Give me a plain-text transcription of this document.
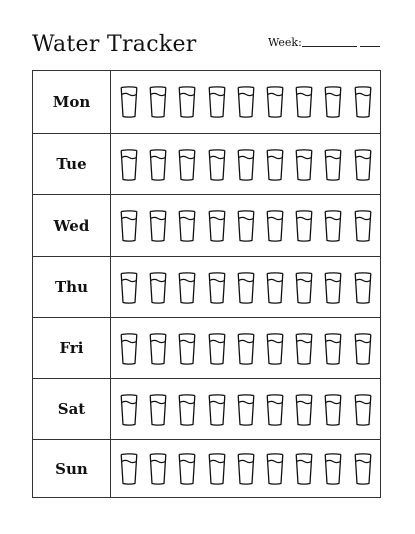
Water Tracker	Week:
Mon
Tue
Wed
Thu
Fri
Sat
Sun
